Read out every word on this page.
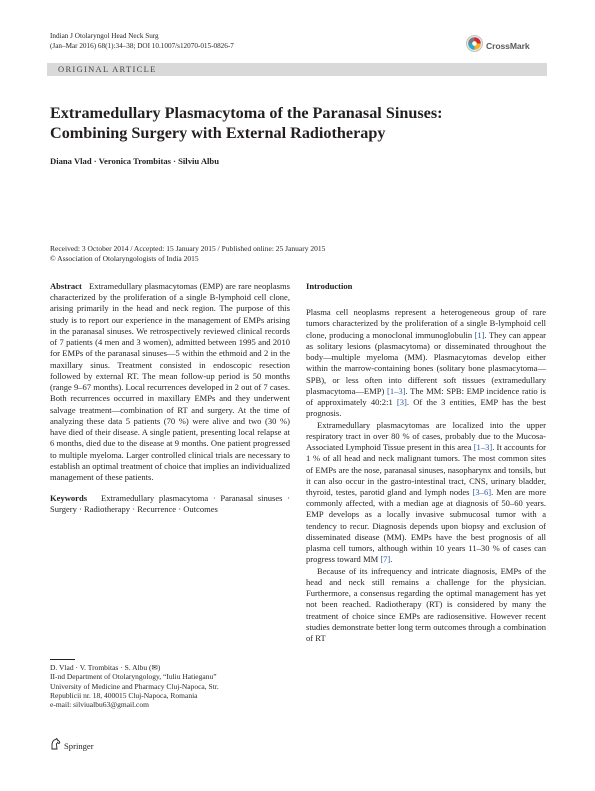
Indian J Otolaryngol Head Neck Surg
(Jan–Mar 2016) 68(1):34–38; DOI 10.1007/s12070-015-0826-7	CrossMark
ORIGINAL ARTICLE
Extramedullary Plasmacytoma of the Paranasal Sinuses:
Combining Surgery with External Radiotherapy
Diana Vlad · Veronica Trombitas · Silviu Albu
Received: 3 October 2014 / Accepted: 15 January 2015 / Published online: 25 January 2015
© Association of Otolaryngologists of India 2015

Abstract Extramedullary plasmacytomas (EMP) are rare neoplasms characterized by the proliferation of a single B-lymphoid cell clone, arising primarily in the head and neck region. The purpose of this study is to report our experience in the management of EMPs arising in the paranasal sinuses. We retrospectively reviewed clinical records of 7 patients (4 men and 3 women), admitted between 1995 and 2010 for EMPs of the paranasal sinuses—5 within the ethmoid and 2 in the maxillary sinus. Treatment consisted in endoscopic resection followed by external RT. The mean follow-up period is 50 months (range 9–67 months). Local recurrences developed in 2 out of 7 cases. Both recurrences occurred in maxillary EMPs and they underwent salvage treatment—combination of RT and surgery. At the time of analyzing these data 5 patients (70 %) were alive and two (30 %) have died of their disease. A single patient, presenting local relapse at 6 months, died due to the disease at 9 months. One patient progressed to multiple myeloma. Larger controlled clinical trials are necessary to establish an optimal treatment of choice that implies an individualized management of these patients.

Keywords Extramedullary plasmacytoma · Paranasal sinuses · Surgery · Radiotherapy · Recurrence · Outcomes

D. Vlad · V. Trombitas · S. Albu (✉)
II-nd Department of Otolaryngology, “Iuliu Hatieganu”
University of Medicine and Pharmacy Cluj-Napoca, Str.
Republicii nr. 18, 400015 Cluj-Napoca, Romania
e-mail: silviualbu63@gmail.com
Springer
Introduction

Plasma cell neoplasms represent a heterogeneous group of rare tumors characterized by the proliferation of a single B-lymphoid cell clone, producing a monoclonal immunoglobulin [1]. They can appear as solitary lesions (plasmacytoma) or disseminated throughout the body—multiple myeloma (MM). Plasmacytomas develop either within the marrow-containing bones (solitary bone plasmacytoma—SPB), or less often into different soft tissues (extramedullary plasmacytoma—EMP) [1–3]. The MM: SPB: EMP incidence ratio is of approximately 40:2:1 [3]. Of the 3 entities, EMP has the best prognosis.

Extramedullary plasmacytomas are localized into the upper respiratory tract in over 80 % of cases, probably due to the Mucosa-Associated Lymphoid Tissue present in this area [1–3]. It accounts for 1 % of all head and neck malignant tumors. The most common sites of EMPs are the nose, paranasal sinuses, nasopharynx and tonsils, but it can also occur in the gastro-intestinal tract, CNS, urinary bladder, thyroid, testes, parotid gland and lymph nodes [3–6]. Men are more commonly affected, with a median age at diagnosis of 50–60 years. EMP develops as a locally invasive submucosal tumor with a tendency to recur. Diagnosis depends upon biopsy and exclusion of disseminated disease (MM). EMPs have the best prognosis of all plasma cell tumors, although within 10 years 11–30 % of cases can progress toward MM [7].

Because of its infrequency and intricate diagnosis, EMPs of the head and neck still remains a challenge for the physician. Furthermore, a consensus regarding the optimal management has yet not been reached. Radiotherapy (RT) is considered by many the treatment of choice since EMPs are radiosensitive. However recent studies demonstrate better long term outcomes through a combination of RT
